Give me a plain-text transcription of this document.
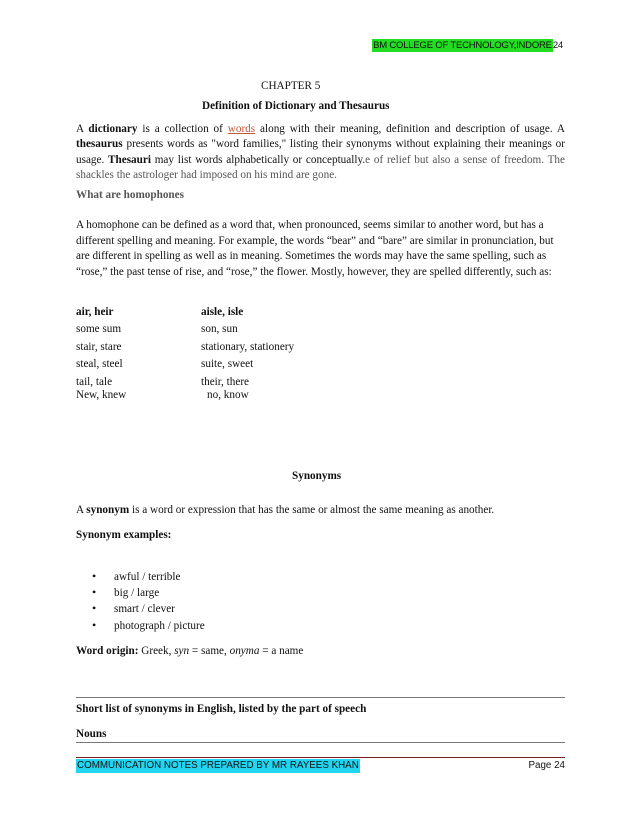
BM COLLEGE OF TECHNOLOGY,INDORE24
CHAPTER 5
Definition of Dictionary and Thesaurus
A dictionary is a collection of words along with their meaning, definition and description of usage. A thesaurus presents words as "word families," listing their synonyms without explaining their meanings or usage. Thesauri may list words alphabetically or conceptually.e of relief but also a sense of freedom. The shackles the astrologer had imposed on his mind are gone.
What are homophones
A homophone can be defined as a word that, when pronounced, seems similar to another word, but has a different spelling and meaning. For example, the words “bear” and “bare” are similar in pronunciation, but are different in spelling as well as in meaning. Sometimes the words may have the same spelling, such as “rose,” the past tense of rise, and “rose,” the flower. Mostly, however, they are spelled differently, such as:
air, heir	aisle, isle
some sum	son, sun
stair, stare	stationary, stationery
steal, steel	suite, sweet
tail, tale	their, there
New, knew	no, know
Synonyms
A synonym is a word or expression that has the same or almost the same meaning as another.
Synonym examples:
• awful / terrible
• big / large
• smart / clever
• photograph / picture
Word origin: Greek, syn = same, onyma = a name
Short list of synonyms in English, listed by the part of speech
Nouns
COMMUNICATION NOTES PREPARED BY MR RAYEES KHAN	Page 24
